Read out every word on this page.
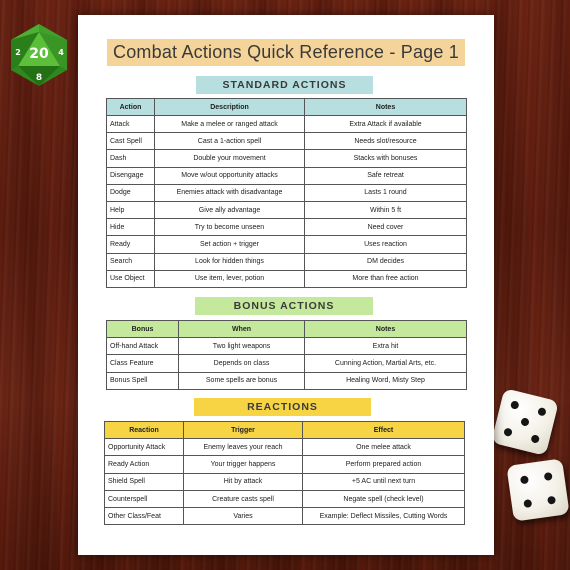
20
8
4
2	Combat Actions Quick Reference - Page 1
STANDARD ACTIONS
Action	Description	Notes
Attack	Make a melee or ranged attack	Extra Attack if available
Cast Spell	Cast a 1-action spell	Needs slot/resource
Dash	Double your movement	Stacks with bonuses
Disengage	Move w/out opportunity attacks	Safe retreat
Dodge	Enemies attack with disadvantage	Lasts 1 round
Help	Give ally advantage	Within 5 ft
Hide	Try to become unseen	Need cover
Ready	Set action + trigger	Uses reaction
Search	Look for hidden things	DM decides
Use Object	Use item, lever, potion	More than free action
BONUS ACTIONS
Bonus	When	Notes
Off-hand Attack	Two light weapons	Extra hit
Class Feature	Depends on class	Cunning Action, Martial Arts, etc.
Bonus Spell	Some spells are bonus	Healing Word, Misty Step
REACTIONS
Reaction	Trigger	Effect
Opportunity Attack	Enemy leaves your reach	One melee attack
Ready Action	Your trigger happens	Perform prepared action
Shield Spell	Hit by attack	+5 AC until next turn
Counterspell	Creature casts spell	Negate spell (check level)
Other Class/Feat	Varies	Example: Deflect Missiles, Cutting Words
